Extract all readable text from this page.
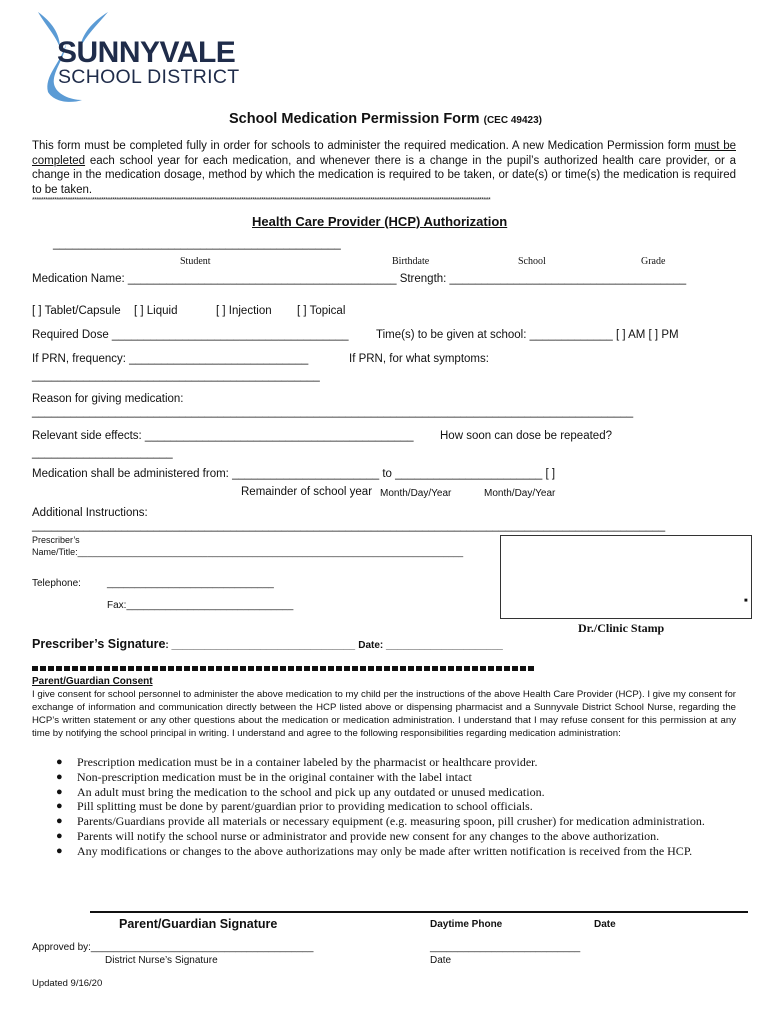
SUNNYVALE
SCHOOL DISTRICT
School Medication Permission Form (CEC 49423)
This form must be completed fully in order for schools to administer the required medication. A new Medication Permission form must be completed each school year for each medication, and whenever there is a change in the pupil’s authorized health care provider, or a change in the medication dosage, method by which the medication is required to be taken, or date(s) or time(s) the medication is required to be taken.
**************************************************************************************************************************************************************************************************************
Health Care Provider (HCP) Authorization
_____________________________________________
Student	Birthdate	School	Grade
Medication Name: __________________________________________ Strength: _____________________________________
[ ] Tablet/Capsule [ ] Liquid	[ ] Injection [ ] Topical
Required Dose _____________________________________ Time(s) to be given at school: _____________ [ ] AM [ ] PM
If PRN, frequency: ____________________________	If PRN, for what symptoms:
_____________________________________________
Reason for giving medication:
______________________________________________________________________________________________
Relevant side effects: __________________________________________ How soon can dose be repeated?
______________________
Medication shall be administered from: _______________________ to _______________________ [ ]
Remainder of school year Month/Day/Year	Month/Day/Year
Additional Instructions:
___________________________________________________________________________________________________
Prescriber’s
Name/Title:_____________________________________________________________________________
Telephone:	______________________________
Fax:______________________________	■
Dr./Clinic Stamp
Prescriber’s Signature: _________________________________ Date: _____________________
Parent/Guardian Consent
I give consent for school personnel to administer the above medication to my child per the instructions of the above Health Care Provider (HCP). I give my consent for exchange of information and communication directly between the HCP listed above or dispensing pharmacist and a Sunnyvale District School Nurse, regarding the HCP’s written statement or any other questions about the medication or medication administration. I understand that I may refuse consent for this permission at any time by notifying the school principal in writing. I understand and agree to the following responsibilities regarding medication administration:
● Prescription medication must be in a container labeled by the pharmacist or healthcare provider.
● Non-prescription medication must be in the original container with the label intact
● An adult must bring the medication to the school and pick up any outdated or unused medication.
● Pill splitting must be done by parent/guardian prior to providing medication to school officials.
● Parents/Guardians provide all materials or necessary equipment (e.g. measuring spoon, pill crusher) for medication administration.
● Parents will notify the school nurse or administrator and provide new consent for any changes to the above authorization.
● Any modifications or changes to the above authorizations may only be made after written notification is received from the HCP.
Parent/Guardian Signature	Daytime Phone	Date
Approved by:________________________________________	___________________________
District Nurse’s Signature	Date
Updated 9/16/20
